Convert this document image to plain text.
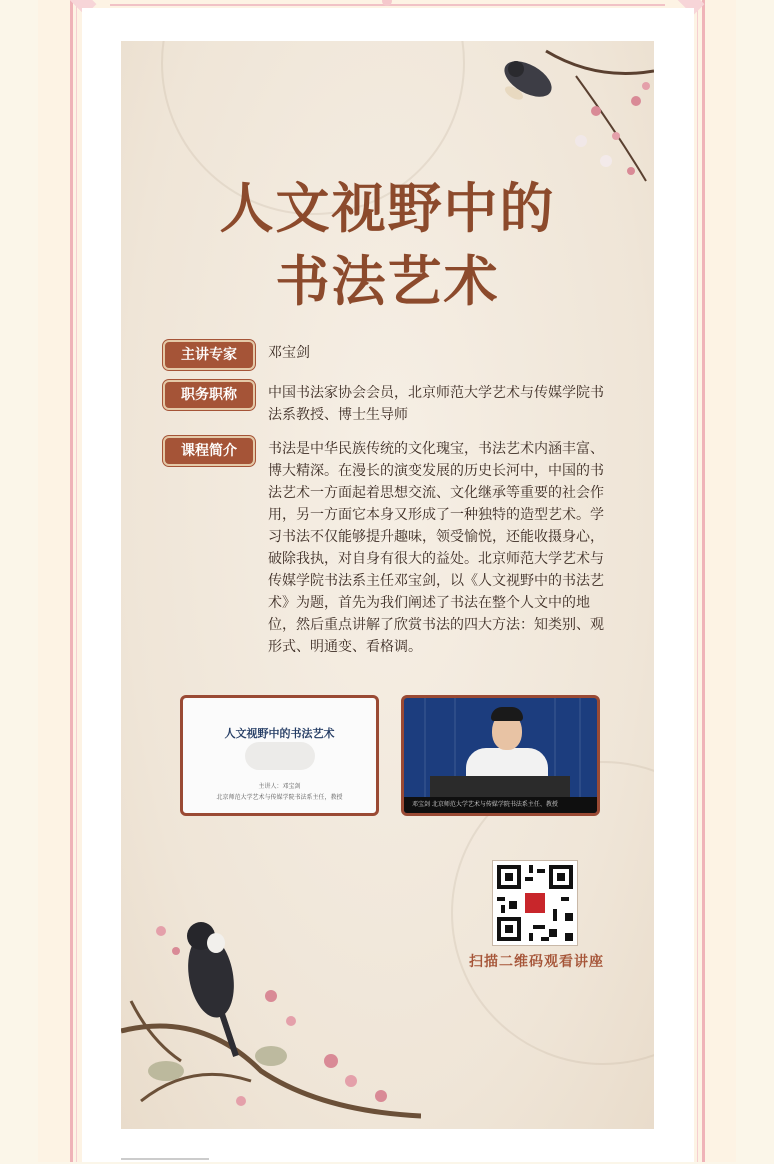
人文视野中的
书法艺术
主讲专家	邓宝剑
职务职称	中国书法家协会会员，北京师范大学艺术与传媒学院书法系教授、博士生导师
课程简介	书法是中华民族传统的文化瑰宝，书法艺术内涵丰富、博大精深。在漫长的演变发展的历史长河中，中国的书法艺术一方面起着思想交流、文化继承等重要的社会作用，另一方面它本身又形成了一种独特的造型艺术。学习书法不仅能够提升趣味，领受愉悦，还能收摄身心，破除我执，对自身有很大的益处。北京师范大学艺术与传媒学院书法系主任邓宝剑，以《人文视野中的书法艺术》为题，首先为我们阐述了书法在整个人文中的地位，然后重点讲解了欣赏书法的四大方法：知类别、观形式、明通变、看格调。
人文视野中的书法艺术
主讲人：邓宝剑
北京师范大学艺术与传媒学院书法系主任，教授
邓宝剑 北京师范大学艺术与传媒学院书法系主任、教授
扫描二维码观看讲座
